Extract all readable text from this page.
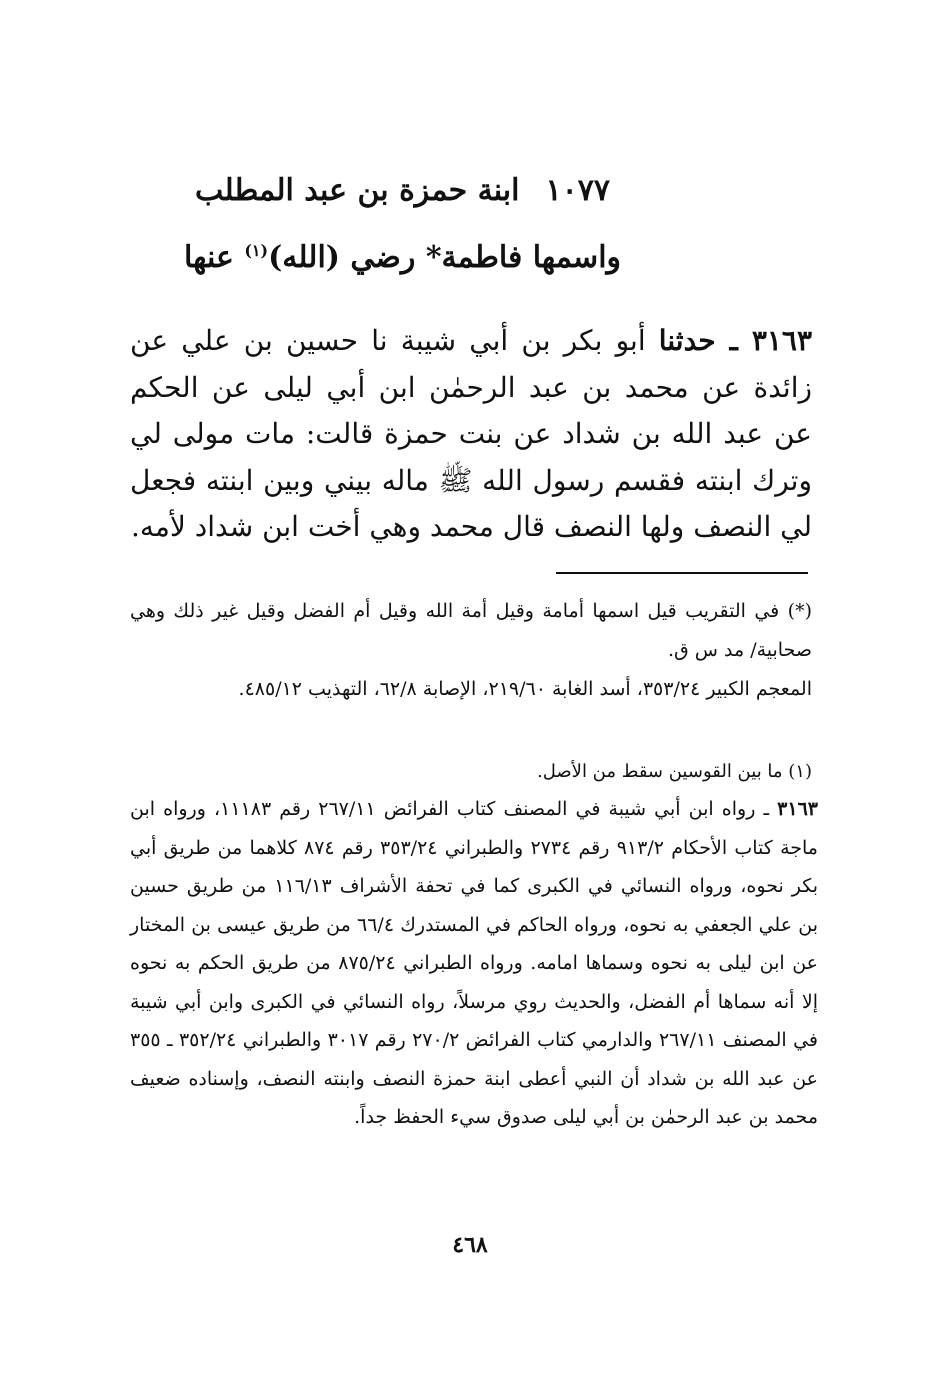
١٠٧٧ابنة حمزة بن عبد المطلب
واسمها فاطمة* رضي (الله)$^{(١)}$ عنها
٣١٦٣ ـ حدثنا أبو بكر بن أبي شيبة نا حسين بن علي عن زائدة عن محمد بن عبد الرحمٰن ابن أبي ليلى عن الحكم عن عبد الله بن شداد عن بنت حمزة قالت: مات مولى لي وترك ابنته فقسم رسول الله ﷺ ماله بيني وبين ابنته فجعل لي النصف ولها النصف قال محمد وهي أخت ابن شداد لأمه.
(*) في التقريب قيل اسمها أمامة وقيل أمة الله وقيل أم الفضل وقيل غير ذلك وهي صحابية/ مد س ق.
المعجم الكبير ٣٥٣/٢٤، أسد الغابة ٢١٩/٦٠، الإصابة ٦٢/٨، التهذيب ٤٨٥/١٢.
(١) ما بين القوسين سقط من الأصل.
٣١٦٣ ـ رواه ابن أبي شيبة في المصنف كتاب الفرائض ٢٦٧/١١ رقم ١١١٨٣، ورواه ابن ماجة كتاب الأحكام ٩١٣/٢ رقم ٢٧٣٤ والطبراني ٣٥٣/٢٤ رقم ٨٧٤ كلاهما من طريق أبي بكر نحوه، ورواه النسائي في الكبرى كما في تحفة الأشراف ١١٦/١٣ من طريق حسين بن علي الجعفي به نحوه، ورواه الحاكم في المستدرك ٦٦/٤ من طريق عيسى بن المختار عن ابن ليلى به نحوه وسماها امامه. ورواه الطبراني ٨٧٥/٢٤ من طريق الحكم به نحوه إلا أنه سماها أم الفضل، والحديث روي مرسلاً، رواه النسائي في الكبرى وابن أبي شيبة في المصنف ٢٦٧/١١ والدارمي كتاب الفرائض ٢٧٠/٢ رقم ٣٠١٧ والطبراني ٣٥٢/٢٤ ـ ٣٥٥ عن عبد الله بن شداد أن النبي أعطى ابنة حمزة النصف وابنته النصف، وإسناده ضعيف محمد بن عبد الرحمٰن بن أبي ليلى صدوق سيء الحفظ جداً.
٤٦٨
